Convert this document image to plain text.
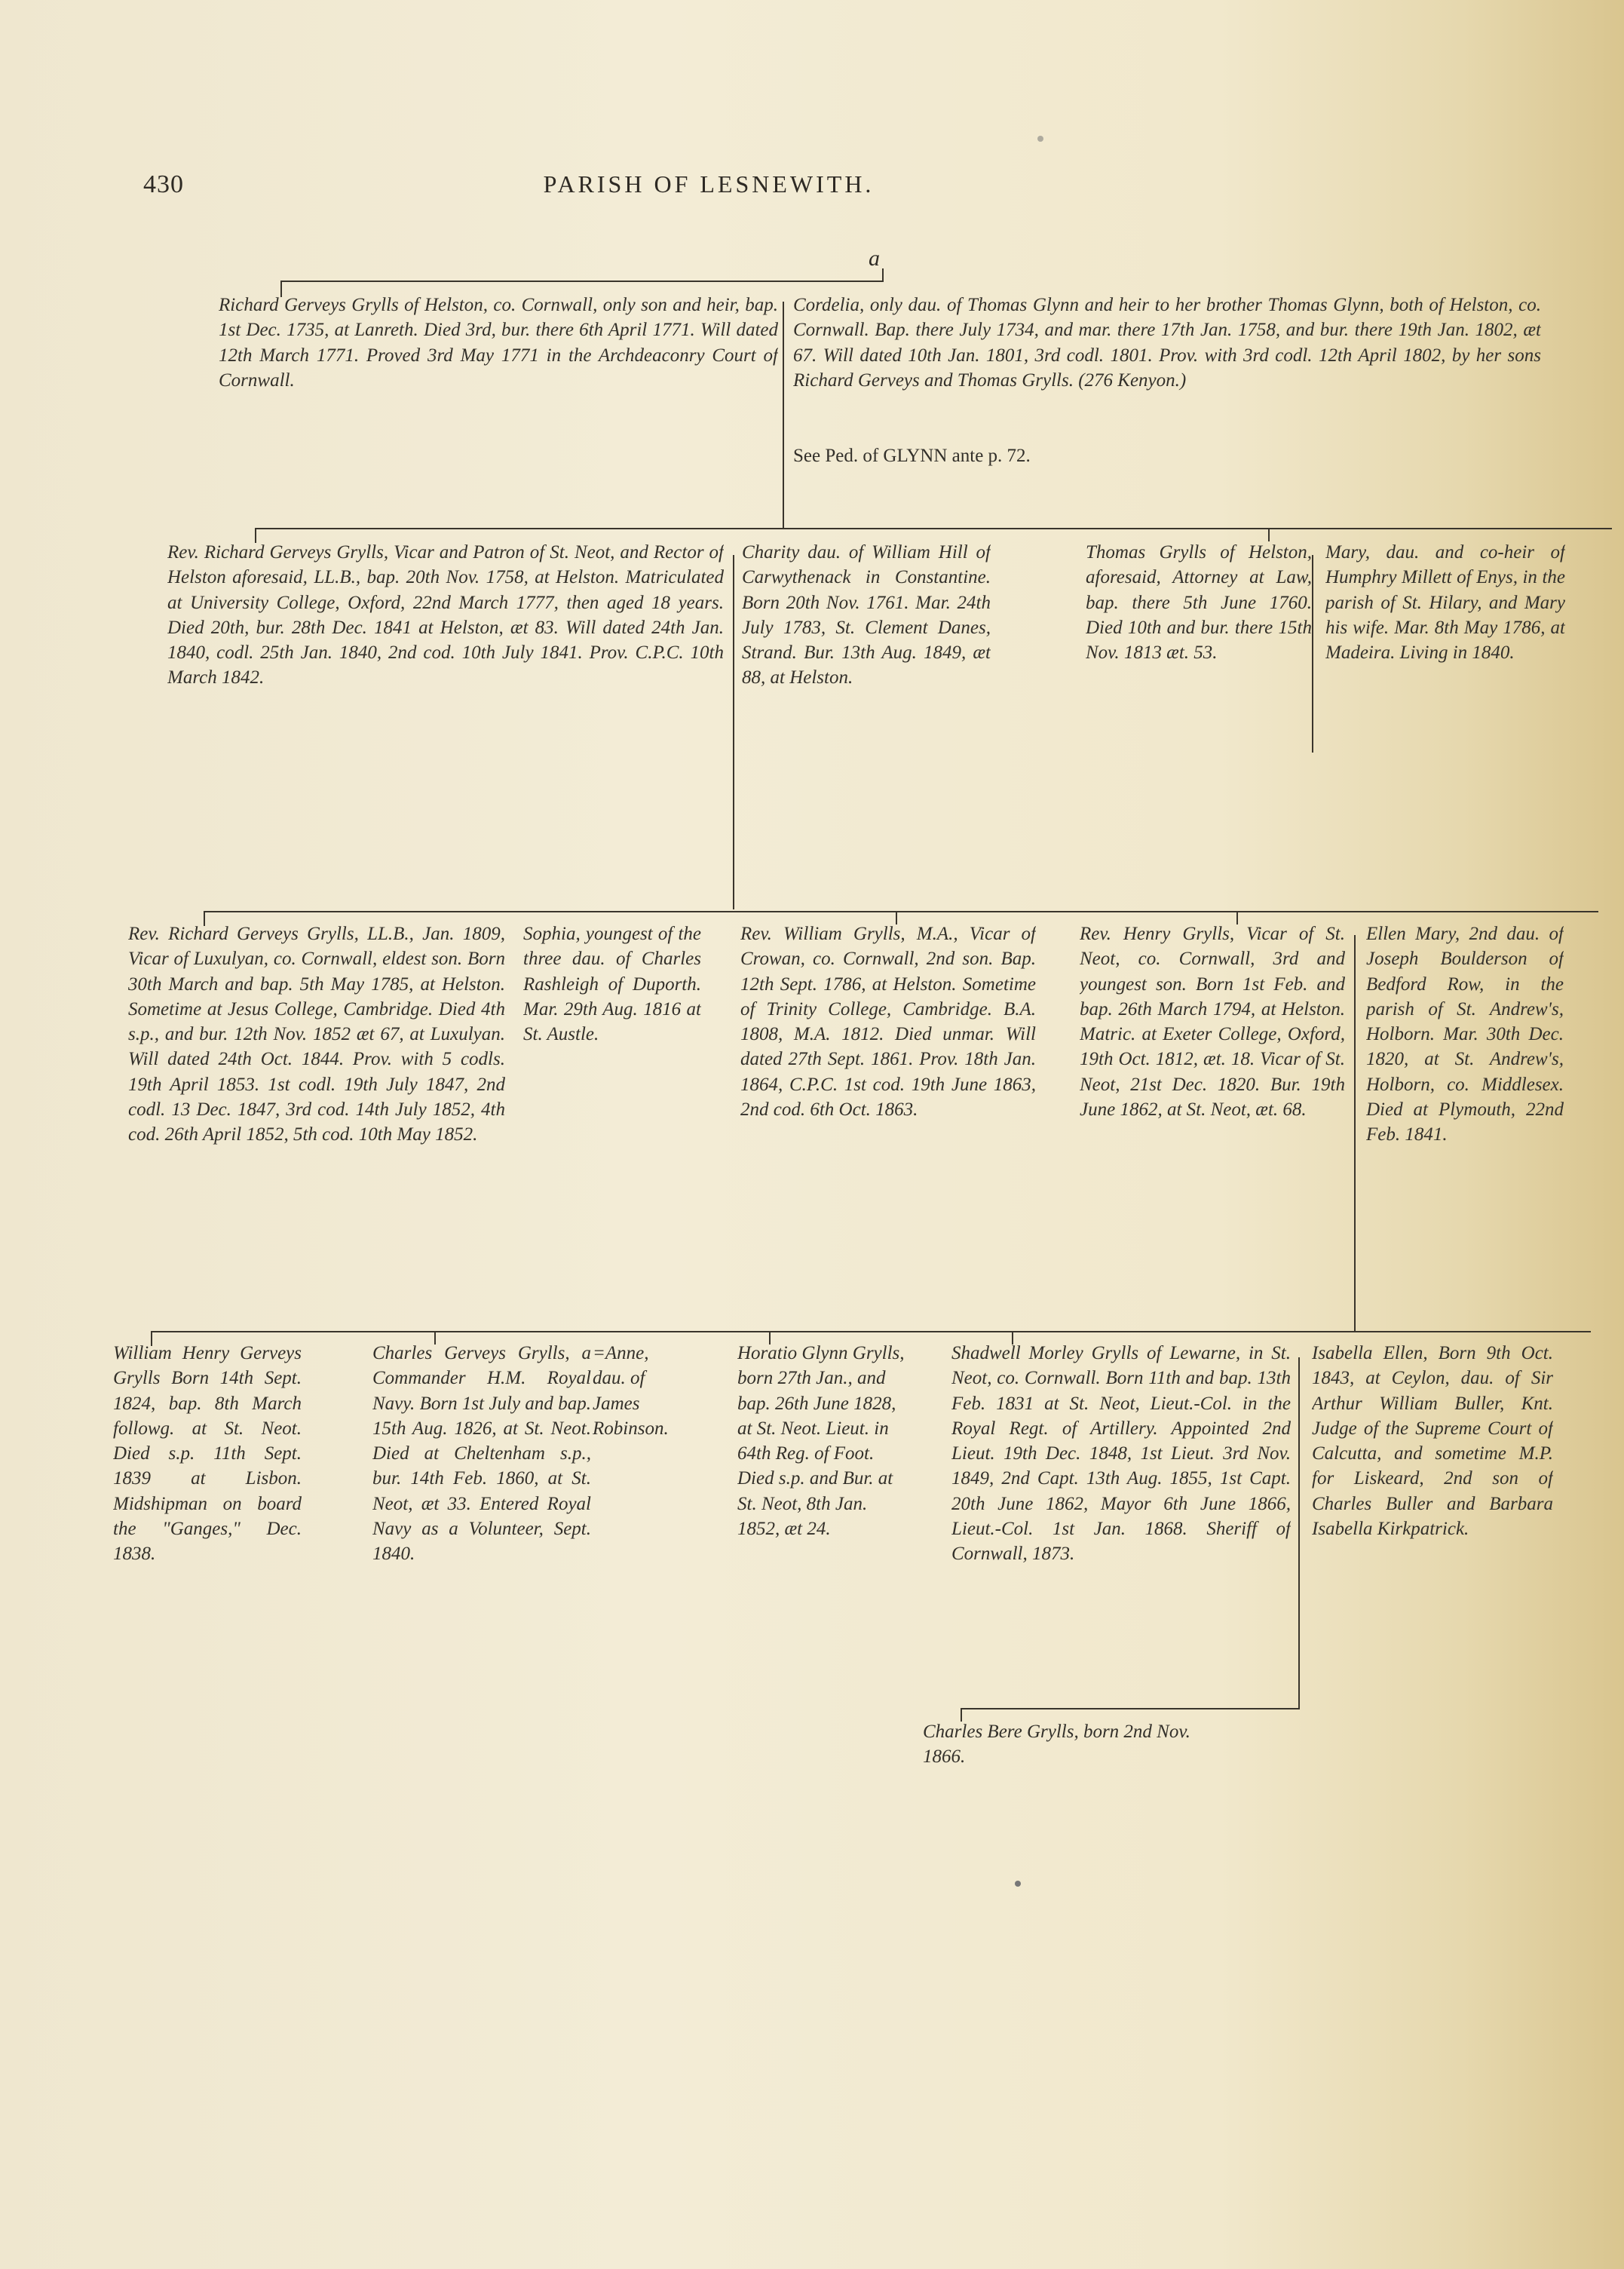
430	PARISH OF LESNEWITH.
a
Richard Gerveys Grylls of Helston, co. Cornwall, only son and heir, bap. 1st Dec. 1735, at Lanreth. Died 3rd, bur. there 6th April 1771. Will dated 12th March 1771. Proved 3rd May 1771 in the Archdeaconry Court of Cornwall.
Cordelia, only dau. of Thomas Glynn and heir to her brother Thomas Glynn, both of Helston, co. Cornwall. Bap. there July 1734, and mar. there 17th Jan. 1758, and bur. there 19th Jan. 1802, æt 67. Will dated 10th Jan. 1801, 3rd codl. 1801. Prov. with 3rd codl. 12th April 1802, by her sons Richard Gerveys and Thomas Grylls. (276 Kenyon.)
See Ped. of GLYNN ante p. 72.
Rev. Richard Gerveys Grylls, Vicar and Patron of St. Neot, and Rector of Helston aforesaid, LL.B., bap. 20th Nov. 1758, at Helston. Matriculated at University College, Oxford, 22nd March 1777, then aged 18 years. Died 20th, bur. 28th Dec. 1841 at Helston, æt 83. Will dated 24th Jan. 1840, codl. 25th Jan. 1840, 2nd cod. 10th July 1841. Prov. C.P.C. 10th March 1842.
Charity dau. of William Hill of Carwythenack in Constantine. Born 20th Nov. 1761. Mar. 24th July 1783, St. Clement Danes, Strand. Bur. 13th Aug. 1849, æt 88, at Helston.
Thomas Grylls of Helston, aforesaid, Attorney at Law, bap. there 5th June 1760. Died 10th and bur. there 15th Nov. 1813 æt. 53.
Mary, dau. and co-heir of Humphry Millett of Enys, in the parish of St. Hilary, and Mary his wife. Mar. 8th May 1786, at Madeira. Living in 1840.
Rev. Richard Gerveys Grylls, LL.B., Jan. 1809, Vicar of Luxulyan, co. Cornwall, eldest son. Born 30th March and bap. 5th May 1785, at Helston. Sometime at Jesus College, Cambridge. Died 4th s.p., and bur. 12th Nov. 1852 æt 67, at Luxulyan. Will dated 24th Oct. 1844. Prov. with 5 codls. 19th April 1853. 1st codl. 19th July 1847, 2nd codl. 13 Dec. 1847, 3rd cod. 14th July 1852, 4th cod. 26th April 1852, 5th cod. 10th May 1852.
Sophia, youngest of the three dau. of Charles Rashleigh of Duporth. Mar. 29th Aug. 1816 at St. Austle.
Rev. William Grylls, M.A., Vicar of Crowan, co. Cornwall, 2nd son. Bap. 12th Sept. 1786, at Helston. Sometime of Trinity College, Cambridge. B.A. 1808, M.A. 1812. Died unmar. Will dated 27th Sept. 1861. Prov. 18th Jan. 1864, C.P.C. 1st cod. 19th June 1863, 2nd cod. 6th Oct. 1863.
Rev. Henry Grylls, Vicar of St. Neot, co. Cornwall, 3rd and youngest son. Born 1st Feb. and bap. 26th March 1794, at Helston. Matric. at Exeter College, Oxford, 19th Oct. 1812, æt. 18. Vicar of St. Neot, 21st Dec. 1820. Bur. 19th June 1862, at St. Neot, æt. 68.
Ellen Mary, 2nd dau. of Joseph Boulderson of Bedford Row, in the parish of St. Andrew's, Holborn. Mar. 30th Dec. 1820, at St. Andrew's, Holborn, co. Middlesex. Died at Plymouth, 22nd Feb. 1841.
William Henry Gerveys Grylls Born 14th Sept. 1824, bap. 8th March followg. at St. Neot. Died s.p. 11th Sept. 1839 at Lisbon. Midshipman on board the "Ganges," Dec. 1838.
Charles Gerveys Grylls, a Commander H.M. Royal Navy. Born 1st July and bap. 15th Aug. 1826, at St. Neot. Died at Cheltenham s.p., bur. 14th Feb. 1860, at St. Neot, æt 33. Entered Royal Navy as a Volunteer, Sept. 1840.
=Anne, dau. of James Robinson.
Horatio Glynn Grylls, born 27th Jan., and bap. 26th June 1828, at St. Neot. Lieut. in 64th Reg. of Foot. Died s.p. and Bur. at St. Neot, 8th Jan. 1852, æt 24.
Shadwell Morley Grylls of Lewarne, in St. Neot, co. Cornwall. Born 11th and bap. 13th Feb. 1831 at St. Neot, Lieut.-Col. in the Royal Regt. of Artillery. Appointed 2nd Lieut. 19th Dec. 1848, 1st Lieut. 3rd Nov. 1849, 2nd Capt. 13th Aug. 1855, 1st Capt. 20th June 1862, Mayor 6th June 1866, Lieut.-Col. 1st Jan. 1868. Sheriff of Cornwall, 1873.
Isabella Ellen, Born 9th Oct. 1843, at Ceylon, dau. of Sir Arthur William Buller, Knt. Judge of the Supreme Court of Calcutta, and sometime M.P. for Liskeard, 2nd son of Charles Buller and Barbara Isabella Kirkpatrick.
Charles Bere Grylls, born 2nd Nov. 1866.
